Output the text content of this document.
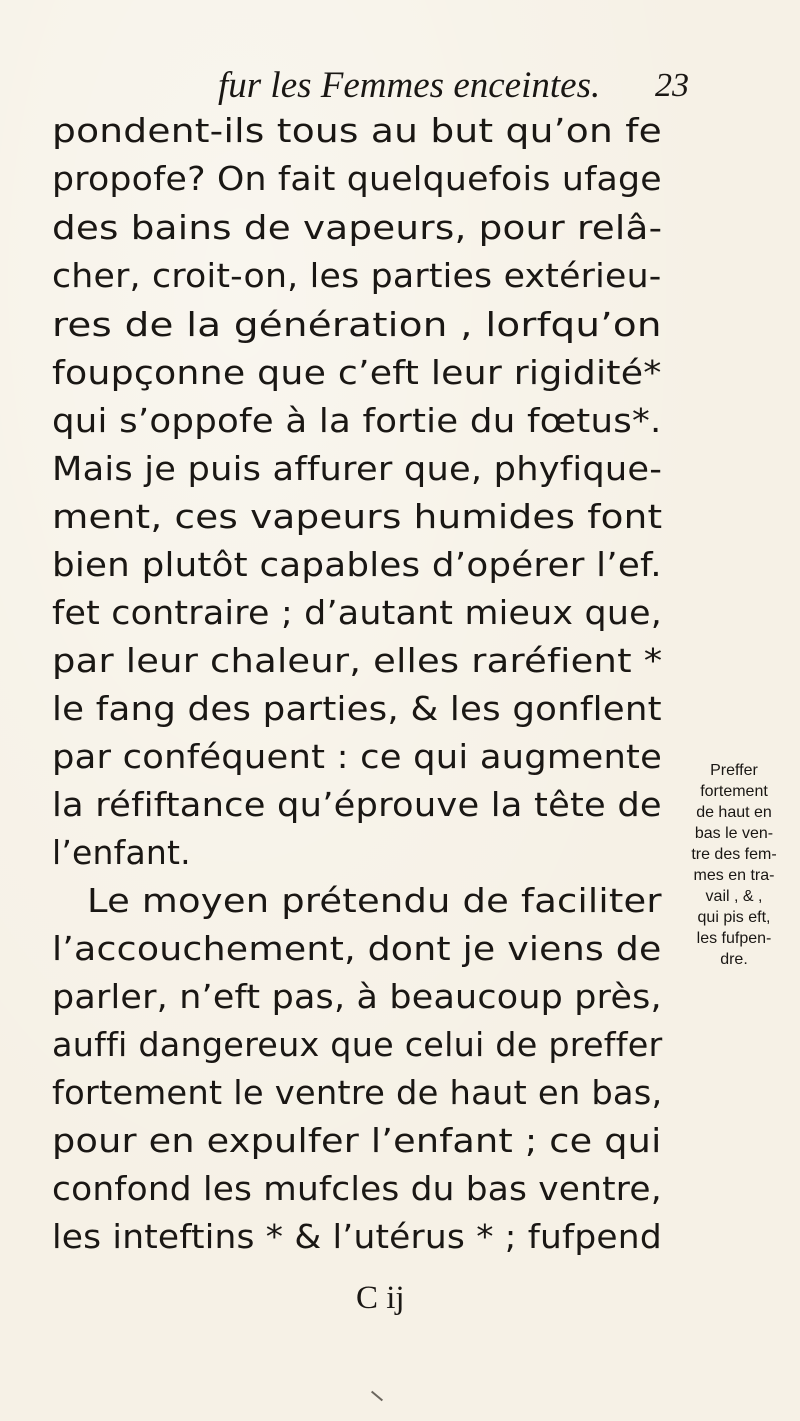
fur les Femmes enceintes. 23
pondent-ils tous au but qu’on fe
propofe? On fait quelquefois ufage
des bains de vapeurs, pour relâ-
cher, croit-on, les parties extérieu-
res de la génération , lorfqu’on
foupçonne que c’eft leur rigidité*
qui s’oppofe à la fortie du fœtus*.
Mais je puis affurer que, phyfique-
ment, ces vapeurs humides font
bien plutôt capables d’opérer l’ef.
fet contraire ; d’autant mieux que,
par leur chaleur, elles raréfient *
le fang des parties, & les gonflent
par conféquent : ce qui augmente
la réfiftance qu’éprouve la tête de
l’enfant.
Le moyen prétendu de faciliter
l’accouchement, dont je viens de
parler, n’eft pas, à beaucoup près,
auffi dangereux que celui de preffer
fortement le ventre de haut en bas,
pour en expulfer l’enfant ; ce qui
confond les mufcles du bas ventre,
les inteftins * & l’utérus * ; fufpend
Preffer
fortement
de haut en
bas le ven-
tre des fem-
mes en tra-
vail , & ,
qui pis eft,
les fufpen-
dre.
C ij
